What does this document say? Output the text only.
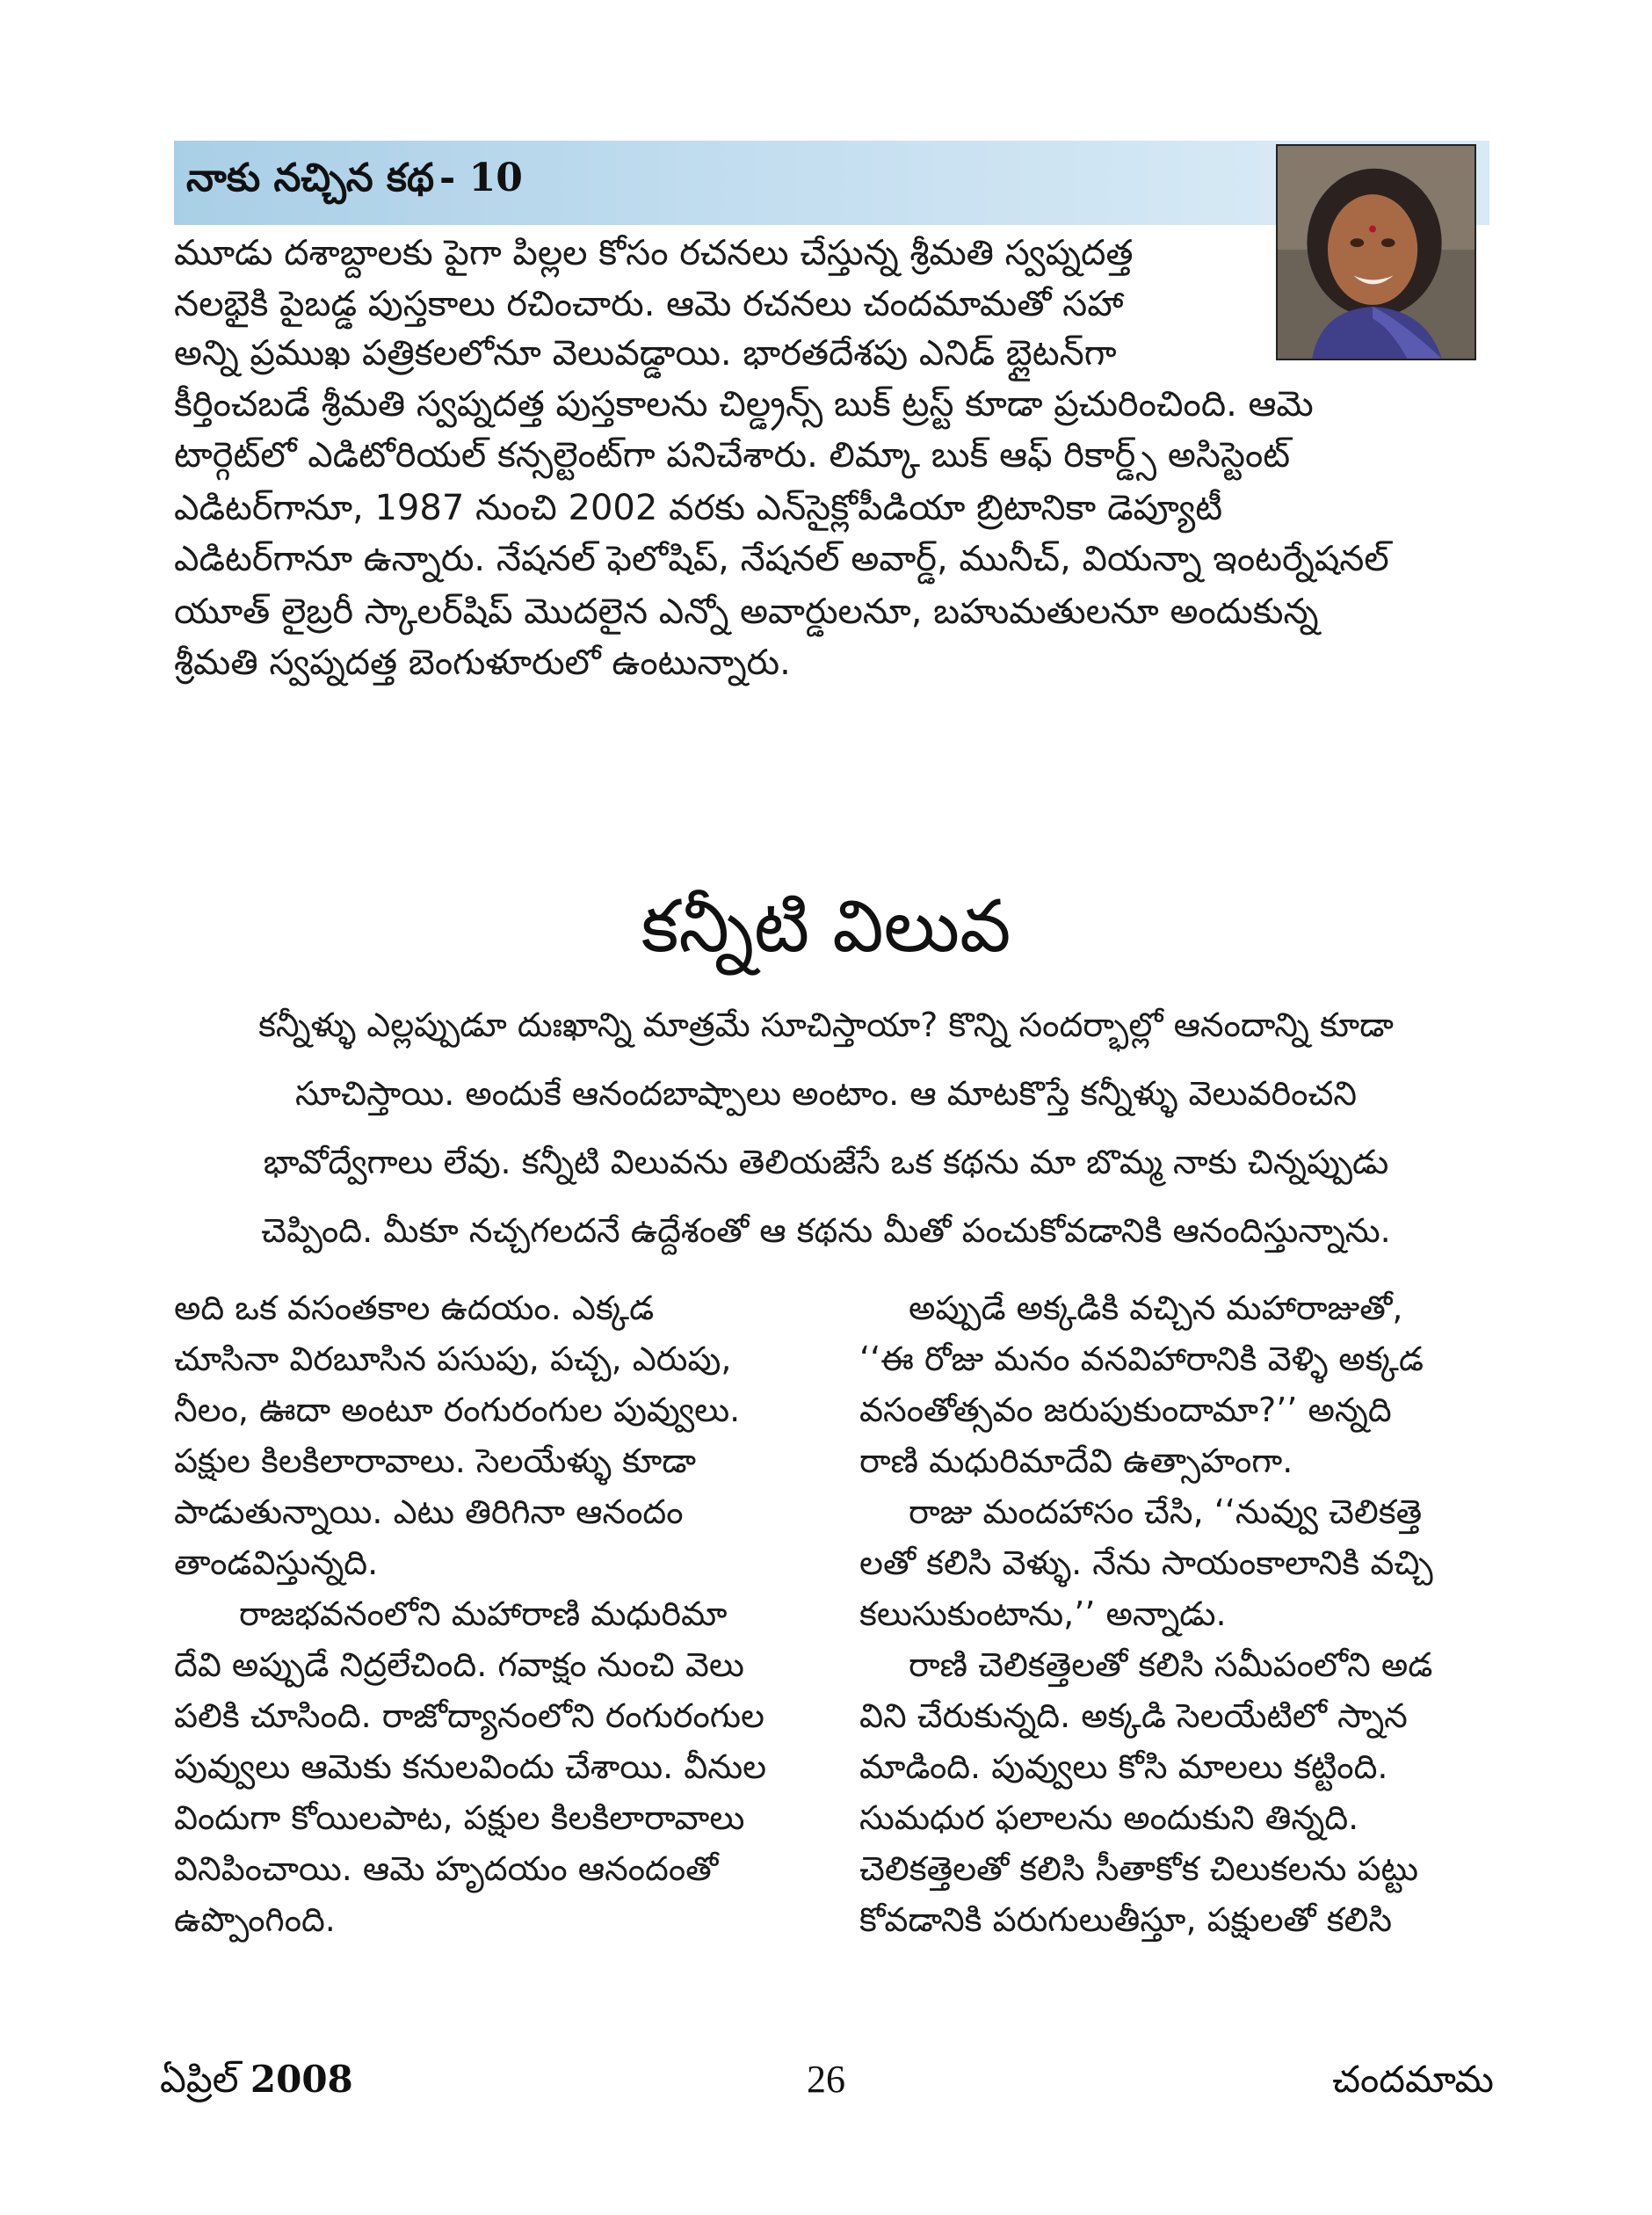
నాకు నచ్చిన కథ - 10
మూడు దశాబ్దాలకు పైగా పిల్లల కోసం రచనలు చేస్తున్న శ్రీమతి స్వప్నదత్త
నలభైకి పైబడ్డ పుస్తకాలు రచించారు. ఆమె రచనలు చందమామతో సహా
అన్ని ప్రముఖ పత్రికలలోనూ వెలువడ్డాయి. భారతదేశపు ఎనిడ్ బ్లైటన్‌గా
కీర్తించబడే శ్రీమతి స్వప్నదత్త పుస్తకాలను చిల్డ్రన్స్ బుక్ ట్రస్ట్ కూడా ప్రచురించింది. ఆమె
టార్గెట్‌లో ఎడిటోరియల్ కన్సల్టెంట్‌గా పనిచేశారు. లిమ్కా బుక్ ఆఫ్ రికార్డ్స్ అసిస్టెంట్
ఎడిటర్‌గానూ, 1987 నుంచి 2002 వరకు ఎన్‌సైక్లోపీడియా బ్రిటానికా డెప్యూటీ
ఎడిటర్‌గానూ ఉన్నారు. నేషనల్ ఫెలోషిప్, నేషనల్ అవార్డ్, మునీచ్, వియన్నా ఇంటర్నేషనల్
యూత్ లైబ్రరీ స్కాలర్‌షిప్ మొదలైన ఎన్నో అవార్డులనూ, బహుమతులనూ అందుకున్న
శ్రీమతి స్వప్నదత్త బెంగుళూరులో ఉంటున్నారు.
కన్నీటి విలువ
కన్నీళ్ళు ఎల్లప్పుడూ దుఃఖాన్ని మాత్రమే సూచిస్తాయా? కొన్ని సందర్భాల్లో ఆనందాన్ని కూడా
సూచిస్తాయి. అందుకే ఆనందబాష్పాలు అంటాం. ఆ మాటకొస్తే కన్నీళ్ళు వెలువరించని
భావోద్వేగాలు లేవు. కన్నీటి విలువను తెలియజేసే ఒక కథను మా బొమ్మ నాకు చిన్నప్పుడు
చెప్పింది. మీకూ నచ్చగలదనే ఉద్దేశంతో ఆ కథను మీతో పంచుకోవడానికి ఆనందిస్తున్నాను.
అది ఒక వసంతకాల ఉదయం. ఎక్కడ
చూసినా విరబూసిన పసుపు, పచ్చ, ఎరుపు,
నీలం, ఊదా అంటూ రంగురంగుల పువ్వులు.
పక్షుల కిలకిలారావాలు. సెలయేళ్ళు కూడా
పాడుతున్నాయి. ఎటు తిరిగినా ఆనందం
తాండవిస్తున్నది.
రాజభవనంలోని మహారాణి మధురిమా
దేవి అప్పుడే నిద్రలేచింది. గవాక్షం నుంచి వెలు
పలికి చూసింది. రాజోద్యానంలోని రంగురంగుల
పువ్వులు ఆమెకు కనులవిందు చేశాయి. వీనుల
విందుగా కోయిలపాట, పక్షుల కిలకిలారావాలు
వినిపించాయి. ఆమె హృదయం ఆనందంతో
ఉప్పొంగింది.
అప్పుడే అక్కడికి వచ్చిన మహారాజుతో,
‘‘ఈ రోజు మనం వనవిహారానికి వెళ్ళి అక్కడ
వసంతోత్సవం జరుపుకుందామా?’’ అన్నది
రాణి మధురిమాదేవి ఉత్సాహంగా.
రాజు మందహాసం చేసి, ‘‘నువ్వు చెలికత్తె
లతో కలిసి వెళ్ళు. నేను సాయంకాలానికి వచ్చి
కలుసుకుంటాను,’’ అన్నాడు.
రాణి చెలికత్తెలతో కలిసి సమీపంలోని అడ
విని చేరుకున్నది. అక్కడి సెలయేటిలో స్నాన
మాడింది. పువ్వులు కోసి మాలలు కట్టింది.
సుమధుర ఫలాలను అందుకుని తిన్నది.
చెలికత్తెలతో కలిసి సీతాకోక చిలుకలను పట్టు
కోవడానికి పరుగులుతీస్తూ, పక్షులతో కలిసి
ఏప్రిల్ 2008	26	చందమామ
